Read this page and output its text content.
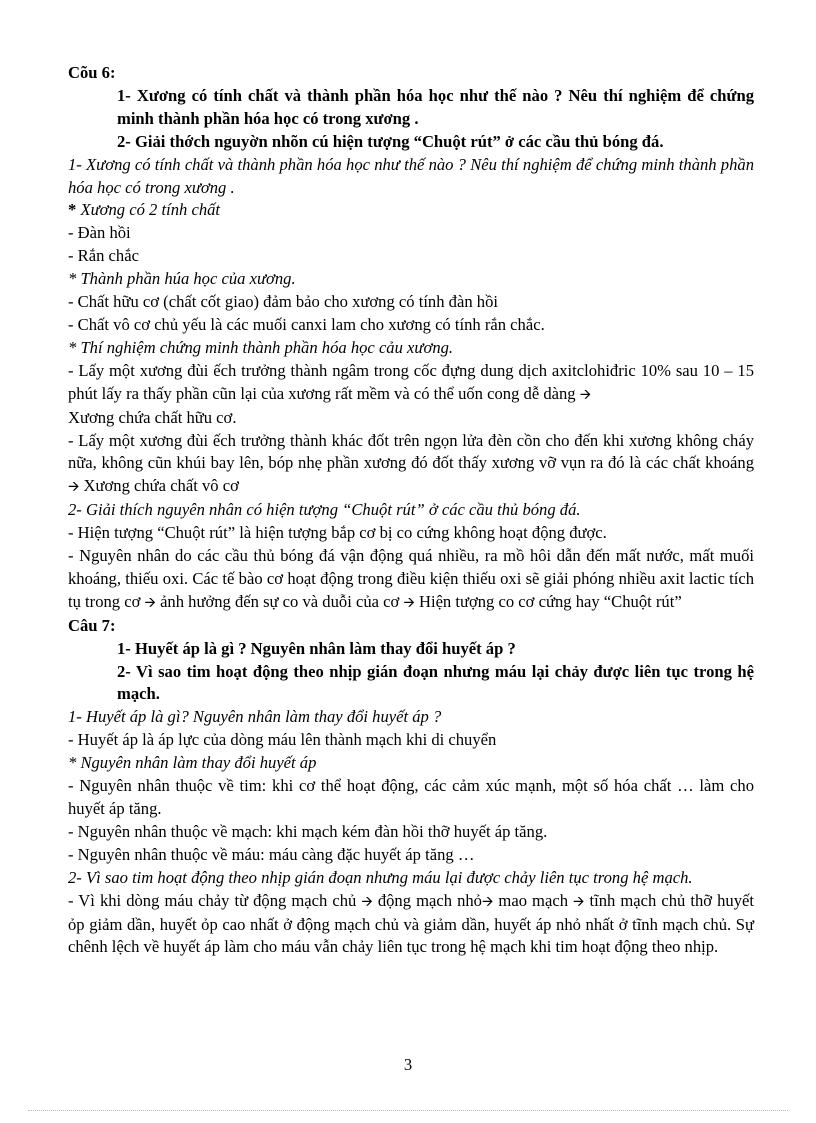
Cõu 6:
1- Xương có tính chất và thành phần hóa học như thế nào ? Nêu thí nghiệm để chứng minh thành phần hóa học có trong xương .
2- Giải thớch nguyờn nhõn cú hiện tượng “Chuột rút” ở các cầu thủ bóng đá.
1- Xương có tính chất và thành phần hóa học như thế nào ? Nêu thí nghiệm để chứng minh thành phần hóa học có trong xương .
* Xương có 2 tính chất
- Đàn hồi
- Rắn chắc
* Thành phần húa học của xương.
- Chất hữu cơ (chất cốt giao) đảm bảo cho xương có tính đàn hồi
- Chất vô cơ chủ yếu là các muối canxi lam cho xương có tính rắn chắc.
* Thí nghiệm chứng minh thành phần hóa học cảu xương.
- Lấy một xương đùi ếch trưởng thành ngâm trong cốc đựng dung dịch axitclohiđric 10% sau 10 – 15 phút lấy ra thấy phần cũn lại của xương rất mềm và có thể uốn cong dễ dàng 🡪
Xương chứa chất hữu cơ.
- Lấy một xương đùi ếch trưởng thành khác đốt trên ngọn lửa đèn cồn cho đến khi xương không cháy nữa, không cũn khúi bay lên, bóp nhẹ phần xương đó đốt thấy xương vỡ vụn ra đó là các chất khoáng 🡪 Xương chứa chất vô cơ
2- Giải thích nguyên nhân có hiện tượng “Chuột rút” ở các cầu thủ bóng đá.
- Hiện tượng “Chuột rút” là hiện tượng bắp cơ bị co cứng không hoạt động được.
- Nguyên nhân do các cầu thủ bóng đá vận động quá nhiều, ra mồ hôi dẫn đến mất nước, mất muối khoáng, thiếu oxi. Các tế bào cơ hoạt động trong điều kiện thiếu oxi sẽ giải phóng nhiều axit lactic tích tụ trong cơ 🡪 ảnh hưởng đến sự co và duỗi của cơ 🡪 Hiện tượng co cơ cứng hay “Chuột rút”
Câu 7:
1- Huyết áp là gì ? Nguyên nhân làm thay đổi huyết áp ?
2- Vì sao tim hoạt động theo nhịp gián đoạn nhưng máu lại chảy được liên tục trong hệ mạch.
1- Huyết áp là gì? Nguyên nhân làm thay đổi huyết áp ?
- Huyết áp là áp lực của dòng máu lên thành mạch khi di chuyển
* Nguyên nhân làm thay đổi huyết áp
- Nguyên nhân thuộc về tim: khi cơ thể hoạt động, các cảm xúc mạnh, một số hóa chất … làm cho huyết áp tăng.
- Nguyên nhân thuộc về mạch: khi mạch kém đàn hồi thỡ huyết áp tăng.
- Nguyên nhân thuộc về máu: máu càng đặc huyết áp tăng …
2- Vì sao tim hoạt động theo nhịp gián đoạn nhưng máu lại được chảy liên tục trong hệ mạch.
- Vì khi dòng máu chảy từ động mạch chủ 🡪 động mạch nhỏ🡪 mao mạch 🡪 tĩnh mạch chủ thỡ huyết ỏp giảm dần, huyết ỏp cao nhất ở động mạch chủ và giảm dần, huyết áp nhỏ nhất ở tĩnh mạch chủ. Sự chênh lệch về huyết áp làm cho máu vẫn chảy liên tục trong hệ mạch khi tim hoạt động theo nhịp.
3
